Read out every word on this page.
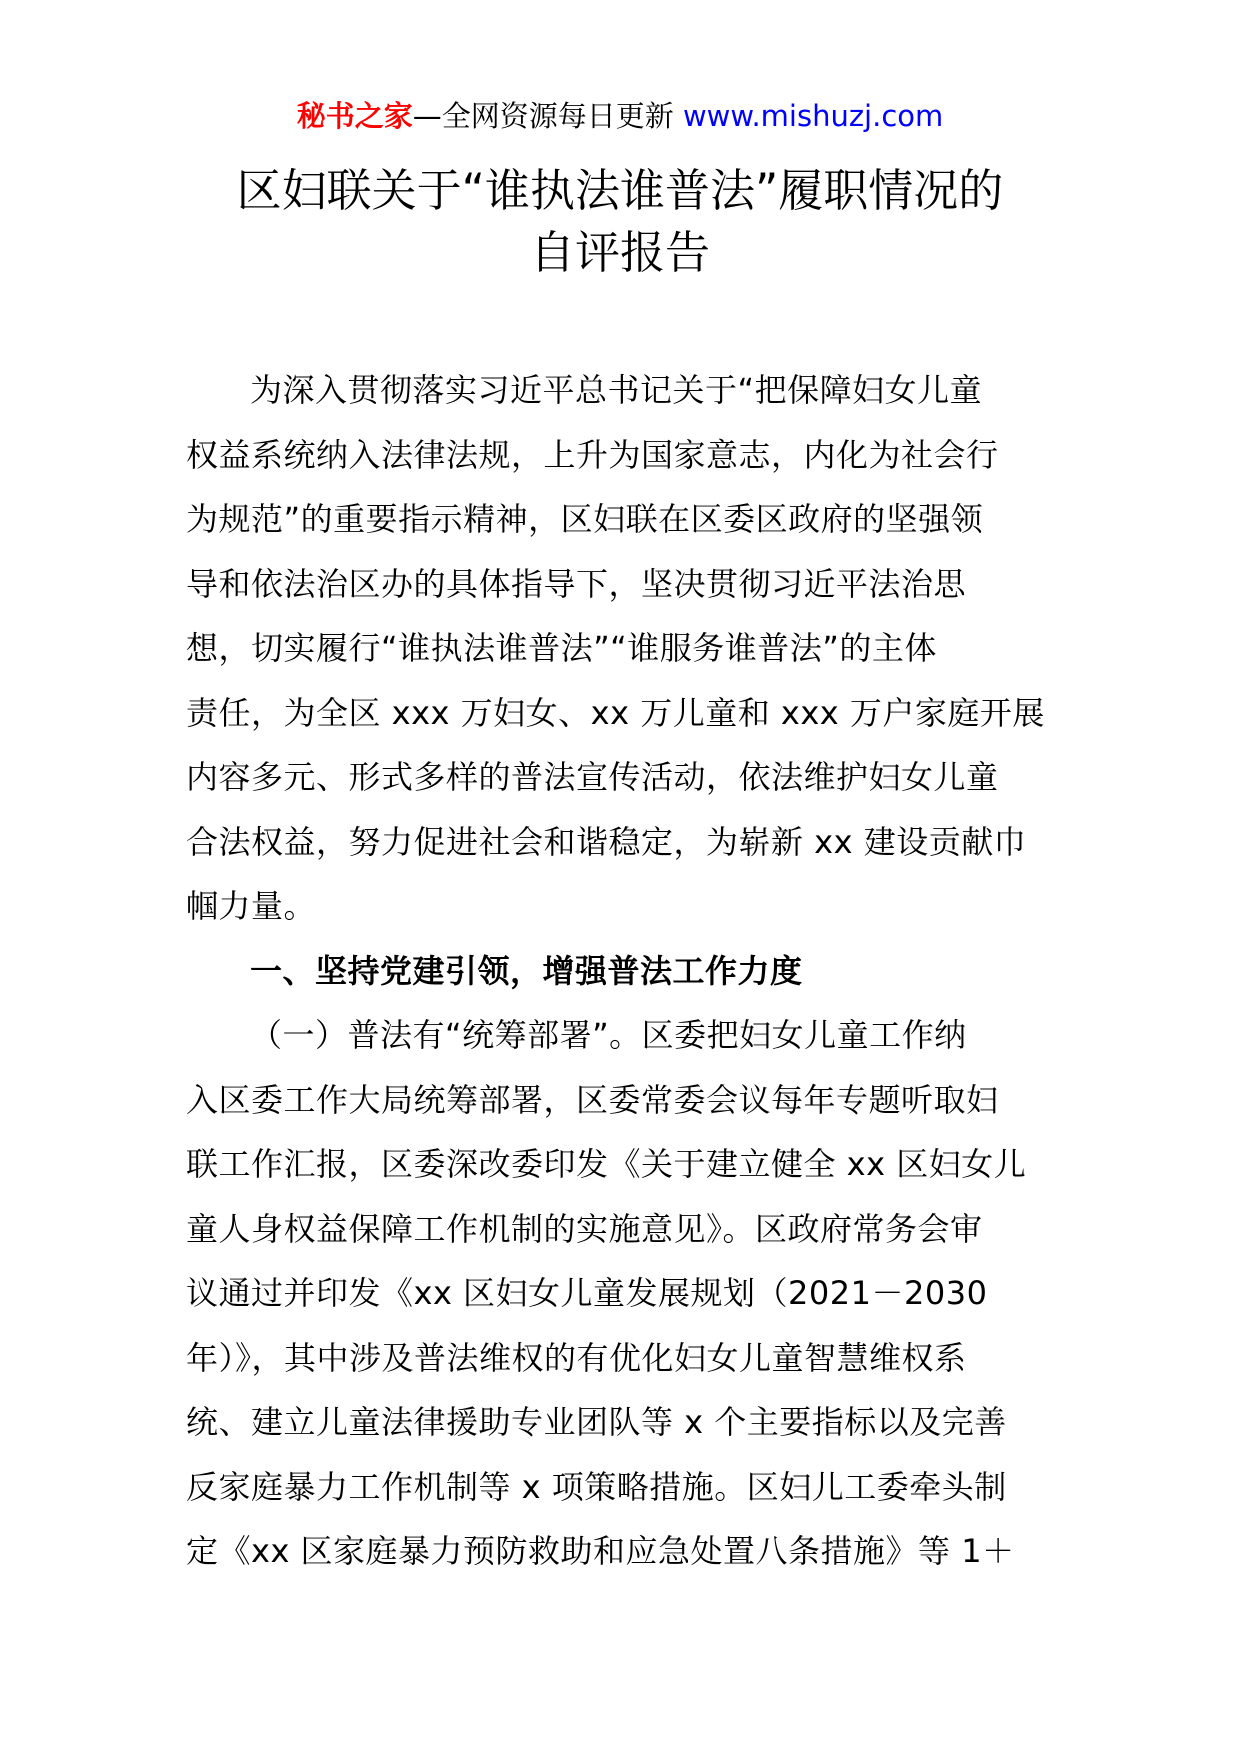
秘书之家—全网资源每日更新 www.mishuzj.com
区妇联关于“谁执法谁普法”履职情况的
自评报告
为深入贯彻落实习近平总书记关于“把保障妇女儿童
权益系统纳入法律法规，上升为国家意志，内化为社会行
为规范”的重要指示精神，区妇联在区委区政府的坚强领
导和依法治区办的具体指导下，坚决贯彻习近平法治思
想，切实履行“谁执法谁普法”“谁服务谁普法”的主体
责任，为全区 xxx 万妇女、xx 万儿童和 xxx 万户家庭开展
内容多元、形式多样的普法宣传活动，依法维护妇女儿童
合法权益，努力促进社会和谐稳定，为崭新 xx 建设贡献巾
帼力量。
一、坚持党建引领，增强普法工作力度
（一）普法有“统筹部署”。区委把妇女儿童工作纳
入区委工作大局统筹部署，区委常委会议每年专题听取妇
联工作汇报，区委深改委印发《关于建立健全 xx 区妇女儿
童人身权益保障工作机制的实施意见》。区政府常务会审
议通过并印发《xx 区妇女儿童发展规划（2021－2030
年）》，其中涉及普法维权的有优化妇女儿童智慧维权系
统、建立儿童法律援助专业团队等 x 个主要指标以及完善
反家庭暴力工作机制等 x 项策略措施。区妇儿工委牵头制
定《xx 区家庭暴力预防救助和应急处置八条措施》等 1＋
